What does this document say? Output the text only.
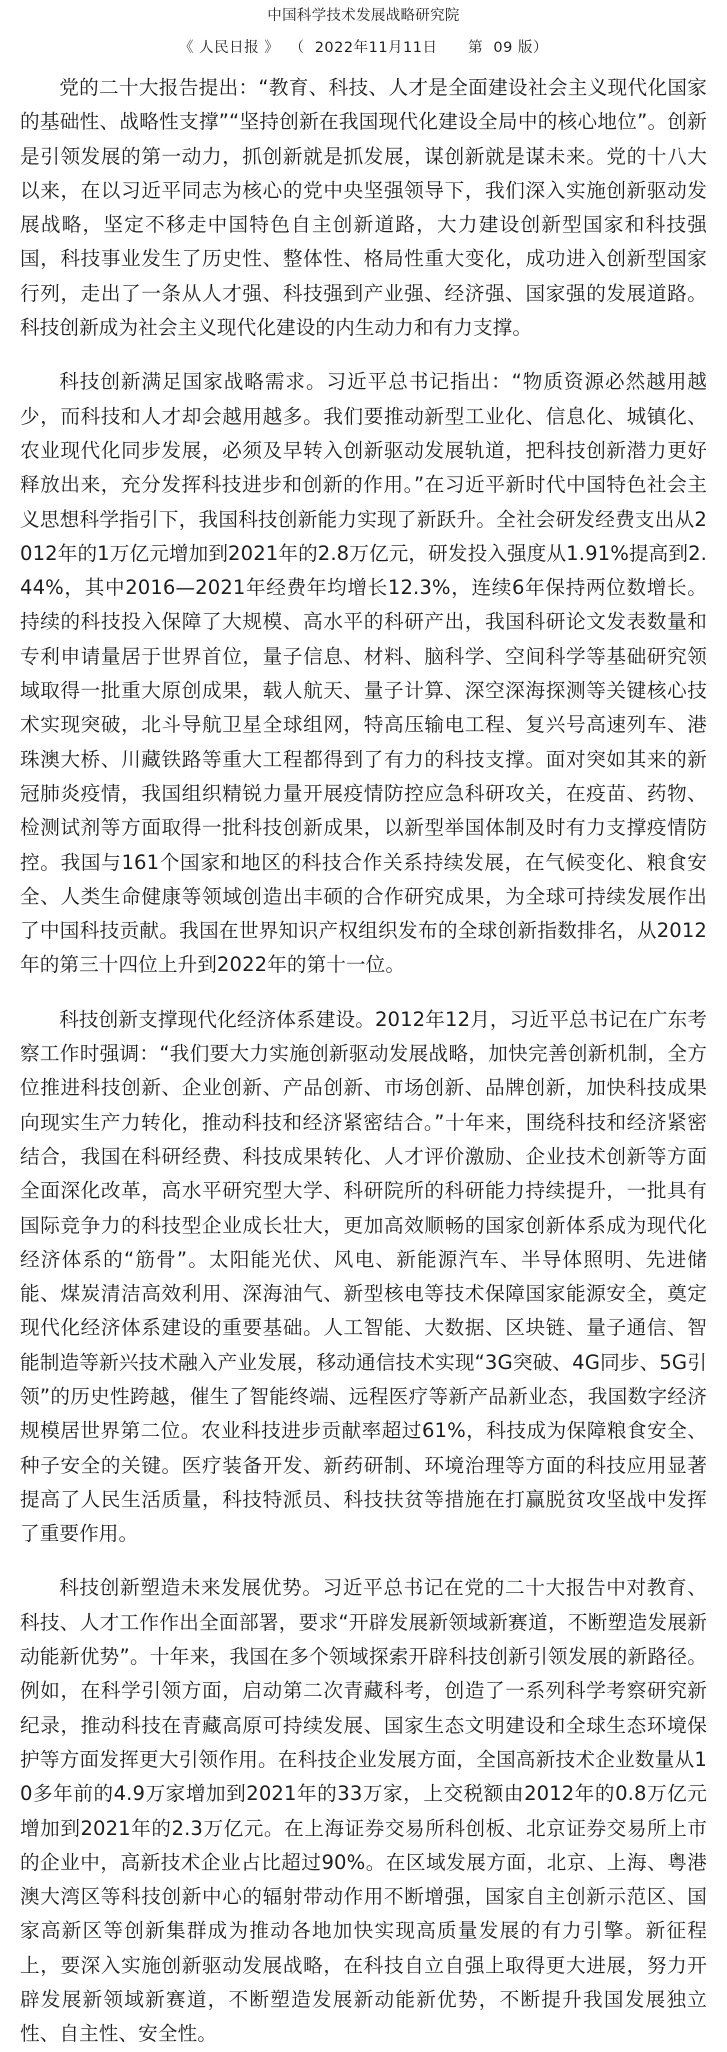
中国科学技术发展战略研究院
《 人民日报 》 （ 2022年11月11日 第  09 版）

党的二十大报告提出：“教育、科技、人才是全面建设社会主义现代化国家的基础性、战略性支撑”“坚持创新在我国现代化建设全局中的核心地位”。创新是引领发展的第一动力，抓创新就是抓发展，谋创新就是谋未来。党的十八大以来，在以习近平同志为核心的党中央坚强领导下，我们深入实施创新驱动发展战略，坚定不移走中国特色自主创新道路，大力建设创新型国家和科技强国，科技事业发生了历史性、整体性、格局性重大变化，成功进入创新型国家行列，走出了一条从人才强、科技强到产业强、经济强、国家强的发展道路。科技创新成为社会主义现代化建设的内生动力和有力支撑。

科技创新满足国家战略需求。习近平总书记指出：“物质资源必然越用越少，而科技和人才却会越用越多。我们要推动新型工业化、信息化、城镇化、农业现代化同步发展，必须及早转入创新驱动发展轨道，把科技创新潜力更好释放出来，充分发挥科技进步和创新的作用。”在习近平新时代中国特色社会主义思想科学指引下，我国科技创新能力实现了新跃升。全社会研发经费支出从2012年的1万亿元增加到2021年的2.8万亿元，研发投入强度从1.91%提高到2.44%，其中2016—2021年经费年均增长12.3%，连续6年保持两位数增长。持续的科技投入保障了大规模、高水平的科研产出，我国科研论文发表数量和专利申请量居于世界首位，量子信息、材料、脑科学、空间科学等基础研究领域取得一批重大原创成果，载人航天、量子计算、深空深海探测等关键核心技术实现突破，北斗导航卫星全球组网，特高压输电工程、复兴号高速列车、港珠澳大桥、川藏铁路等重大工程都得到了有力的科技支撑。面对突如其来的新冠肺炎疫情，我国组织精锐力量开展疫情防控应急科研攻关，在疫苗、药物、检测试剂等方面取得一批科技创新成果，以新型举国体制及时有力支撑疫情防控。我国与161个国家和地区的科技合作关系持续发展，在气候变化、粮食安全、人类生命健康等领域创造出丰硕的合作研究成果，为全球可持续发展作出了中国科技贡献。我国在世界知识产权组织发布的全球创新指数排名，从2012年的第三十四位上升到2022年的第十一位。

科技创新支撑现代化经济体系建设。2012年12月，习近平总书记在广东考察工作时强调：“我们要大力实施创新驱动发展战略，加快完善创新机制，全方位推进科技创新、企业创新、产品创新、市场创新、品牌创新，加快科技成果向现实生产力转化，推动科技和经济紧密结合。”十年来，围绕科技和经济紧密结合，我国在科研经费、科技成果转化、人才评价激励、企业技术创新等方面全面深化改革，高水平研究型大学、科研院所的科研能力持续提升，一批具有国际竞争力的科技型企业成长壮大，更加高效顺畅的国家创新体系成为现代化经济体系的“筋骨”。太阳能光伏、风电、新能源汽车、半导体照明、先进储能、煤炭清洁高效利用、深海油气、新型核电等技术保障国家能源安全，奠定现代化经济体系建设的重要基础。人工智能、大数据、区块链、量子通信、智能制造等新兴技术融入产业发展，移动通信技术实现“3G突破、4G同步、5G引领”的历史性跨越，催生了智能终端、远程医疗等新产品新业态，我国数字经济规模居世界第二位。农业科技进步贡献率超过61%，科技成为保障粮食安全、种子安全的关键。医疗装备开发、新药研制、环境治理等方面的科技应用显著提高了人民生活质量，科技特派员、科技扶贫等措施在打赢脱贫攻坚战中发挥了重要作用。

科技创新塑造未来发展优势。习近平总书记在党的二十大报告中对教育、科技、人才工作作出全面部署，要求“开辟发展新领域新赛道，不断塑造发展新动能新优势”。十年来，我国在多个领域探索开辟科技创新引领发展的新路径。例如，在科学引领方面，启动第二次青藏科考，创造了一系列科学考察研究新纪录，推动科技在青藏高原可持续发展、国家生态文明建设和全球生态环境保护等方面发挥更大引领作用。在科技企业发展方面，全国高新技术企业数量从10多年前的4.9万家增加到2021年的33万家，上交税额由2012年的0.8万亿元增加到2021年的2.3万亿元。在上海证券交易所科创板、北京证券交易所上市的企业中，高新技术企业占比超过90%。在区域发展方面，北京、上海、粤港澳大湾区等科技创新中心的辐射带动作用不断增强，国家自主创新示范区、国家高新区等创新集群成为推动各地加快实现高质量发展的有力引擎。新征程上，要深入实施创新驱动发展战略，在科技自立自强上取得更大进展，努力开辟发展新领域新赛道，不断塑造发展新动能新优势，不断提升我国发展独立性、自主性、安全性。
